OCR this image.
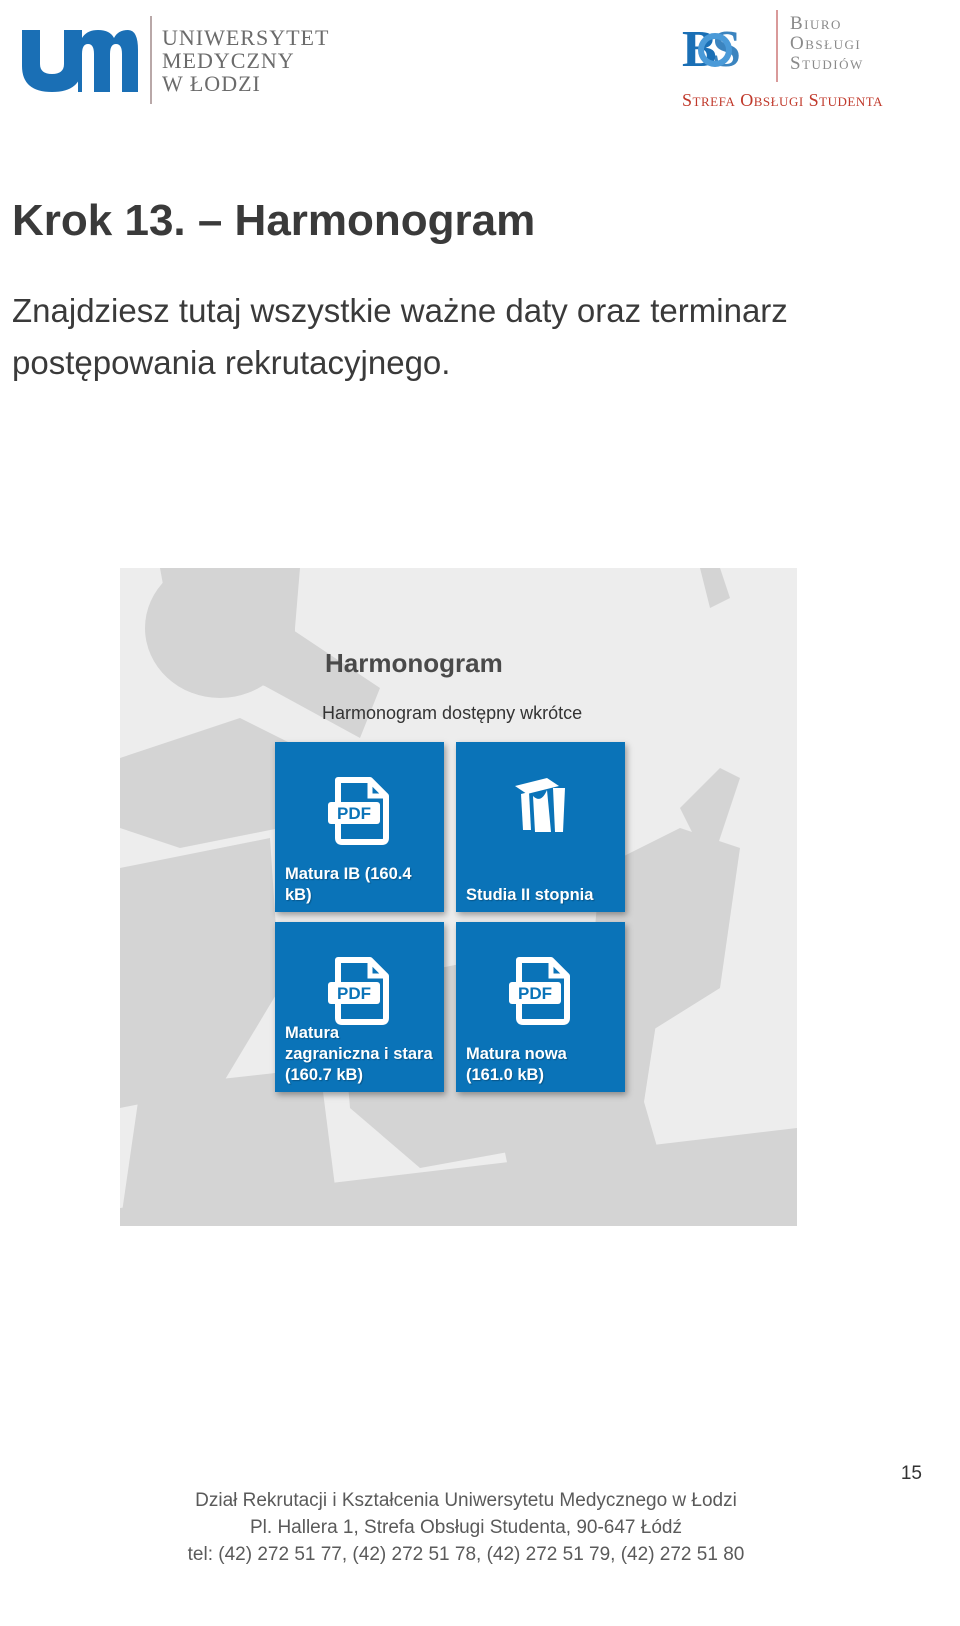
UNIWERSYTET
MEDYCZNY
W ŁODZI
B
S	Biuro
Obsługi
Studiów
Strefa Obsługi Studenta
Krok 13. – Harmonogram

Znajdziesz tutaj wszystkie ważne daty oraz terminarz postępowania rekrutacyjnego.

Harmonogram
Harmonogram dostępny wkrótce
PDF
Matura IB (160.4 kB)	Studia II stopnia
PDF
Matura zagraniczna i stara (160.7 kB)
PDF
Matura nowa (161.0 kB)
15
Dział Rekrutacji i Kształcenia Uniwersytetu Medycznego w Łodzi
Pl. Hallera 1, Strefa Obsługi Studenta, 90-647 Łódź
tel: (42) 272 51 77, (42) 272 51 78, (42) 272 51 79, (42) 272 51 80
